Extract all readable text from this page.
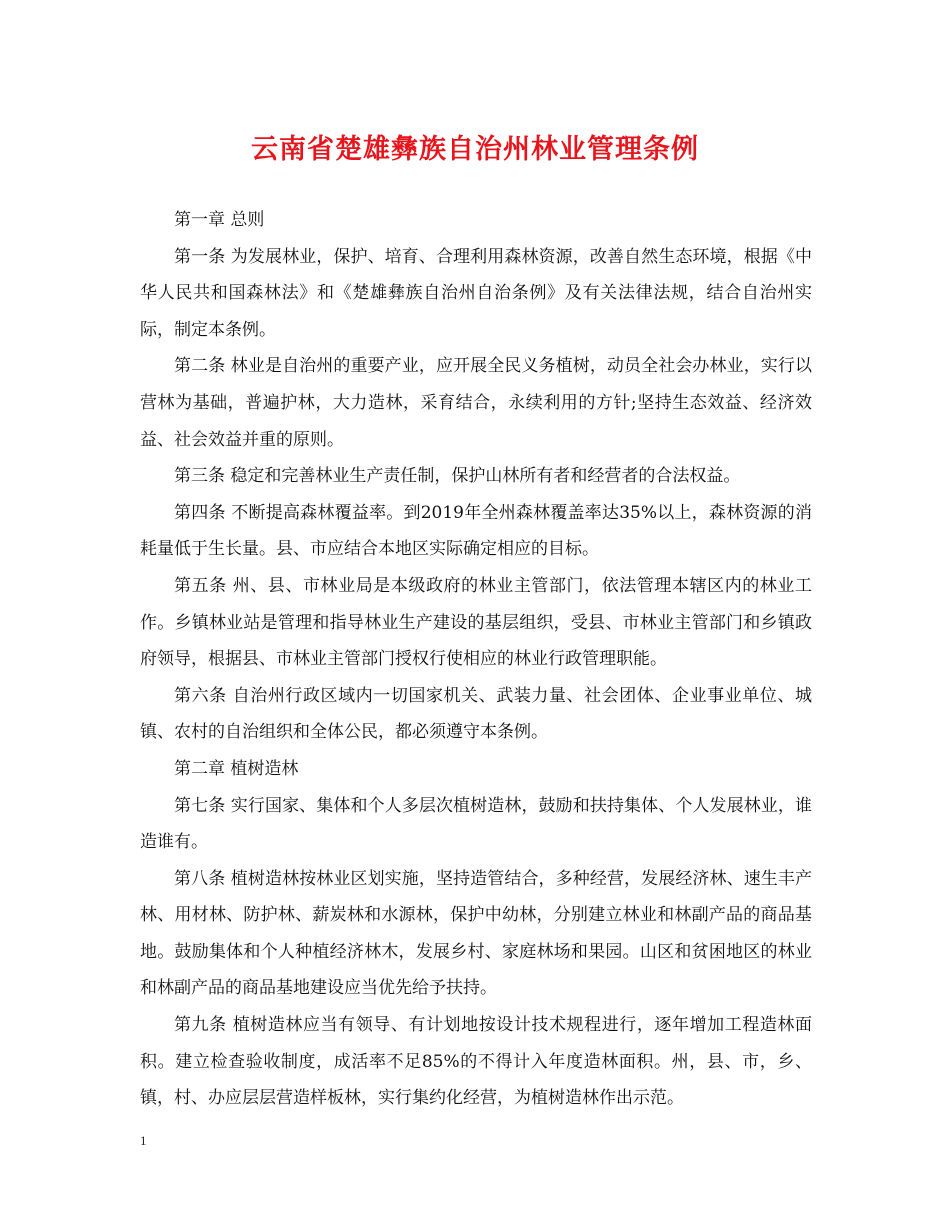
云南省楚雄彝族自治州林业管理条例

第一章 总则

第一条 为发展林业，保护、培育、合理利用森林资源，改善自然生态环境，根据《中华人民共和国森林法》和《楚雄彝族自治州自治条例》及有关法律法规，结合自治州实际，制定本条例。

第二条 林业是自治州的重要产业，应开展全民义务植树，动员全社会办林业，实行以营林为基础，普遍护林，大力造林，采育结合，永续利用的方针;坚持生态效益、经济效益、社会效益并重的原则。

第三条 稳定和完善林业生产责任制，保护山林所有者和经营者的合法权益。

第四条 不断提高森林覆益率。到2019年全州森林覆盖率达35%以上，森林资源的消耗量低于生长量。县、市应结合本地区实际确定相应的目标。

第五条 州、县、市林业局是本级政府的林业主管部门，依法管理本辖区内的林业工作。乡镇林业站是管理和指导林业生产建设的基层组织，受县、市林业主管部门和乡镇政府领导，根据县、市林业主管部门授权行使相应的林业行政管理职能。

第六条 自治州行政区域内一切国家机关、武装力量、社会团体、企业事业单位、城镇、农村的自治组织和全体公民，都必须遵守本条例。

第二章 植树造林

第七条 实行国家、集体和个人多层次植树造林，鼓励和扶持集体、个人发展林业，谁造谁有。

第八条 植树造林按林业区划实施，坚持造管结合，多种经营，发展经济林、速生丰产林、用材林、防护林、薪炭林和水源林，保护中幼林，分别建立林业和林副产品的商品基地。鼓励集体和个人种植经济林木，发展乡村、家庭林场和果园。山区和贫困地区的林业和林副产品的商品基地建设应当优先给予扶持。

第九条 植树造林应当有领导、有计划地按设计技术规程进行，逐年增加工程造林面积。建立检查验收制度，成活率不足85%的不得计入年度造林面积。州，县、市，乡、镇，村、办应层层营造样板林，实行集约化经营，为植树造林作出示范。

1
